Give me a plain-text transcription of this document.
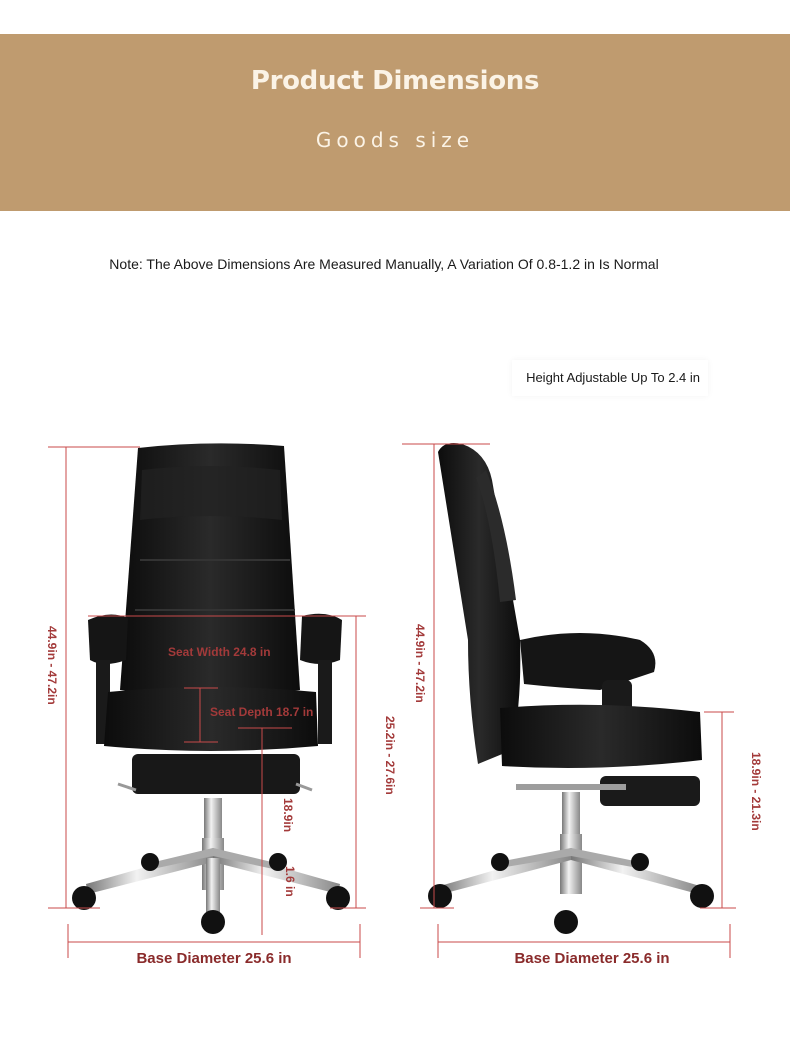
Product Dimensions
Goods size
Note: The Above Dimensions Are Measured Manually, A Variation Of 0.8-1.2 in Is Normal
Height Adjustable Up To 2.4 in
44.9in - 47.2in	Seat Width 24.8 in
Seat Depth 18.7 in
25.2in - 27.6in
18.9in
1.6 in
Base Diameter 25.6 in
44.9in - 47.2in
18.9in - 21.3in
Base Diameter 25.6 in
